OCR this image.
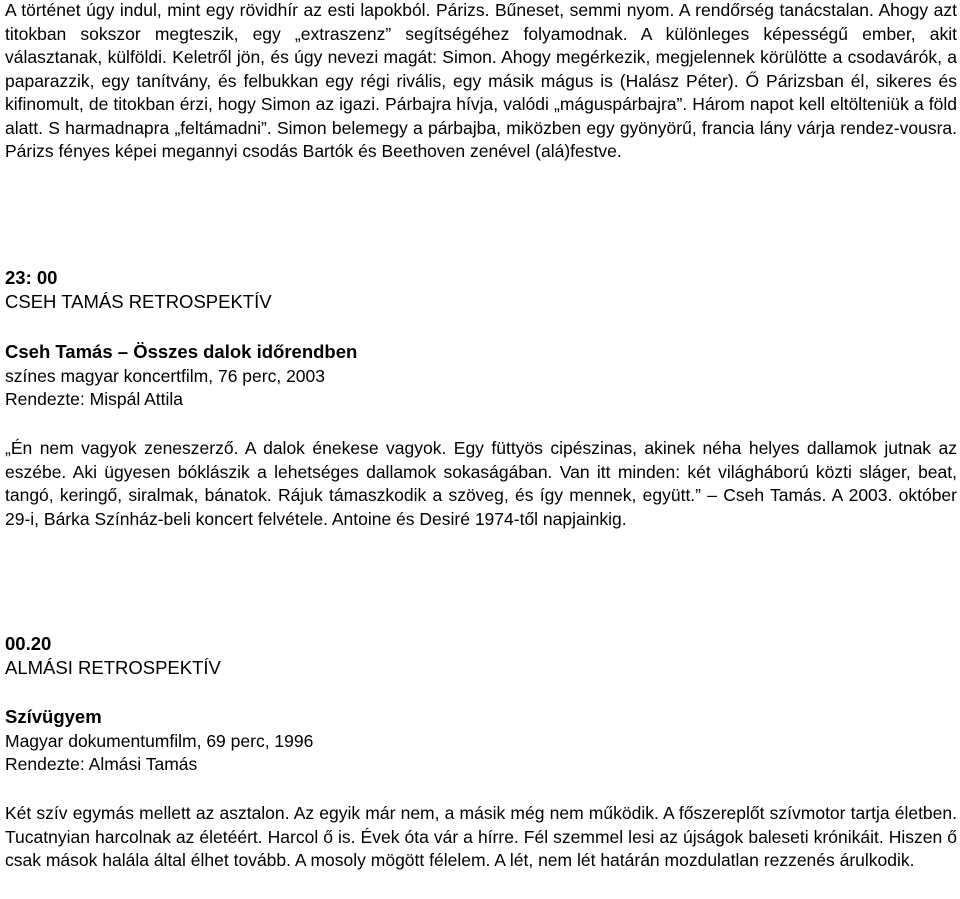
A történet úgy indul, mint egy rövidhír az esti lapokból. Párizs. Bűneset, semmi nyom. A rendőrség tanácstalan. Ahogy azt titokban sokszor megteszik, egy „extraszenz” segítségéhez folyamodnak. A különleges képességű ember, akit választanak, külföldi. Keletről jön, és úgy nevezi magát: Simon. Ahogy megérkezik, megjelennek körülötte a csodavárók, a paparazzik, egy tanítvány, és felbukkan egy régi rivális, egy másik mágus is (Halász Péter). Ő Párizsban él, sikeres és kifinomult, de titokban érzi, hogy Simon az igazi. Párbajra hívja, valódi „máguspárbajra”. Három napot kell eltölteniük a föld alatt. S harmadnapra „feltámadni”. Simon belemegy a párbajba, miközben egy gyönyörű, francia lány várja rendez-vousra. Párizs fényes képei megannyi csodás Bartók és Beethoven zenével (alá)festve.

23: 00

CSEH TAMÁS RETROSPEKTÍV

Cseh Tamás – Összes dalok időrendben

színes magyar koncertfilm, 76 perc, 2003

Rendezte: Mispál Attila

„Én nem vagyok zeneszerző. A dalok énekese vagyok. Egy füttyös cipészinas, akinek néha helyes dallamok jutnak az eszébe. Aki ügyesen bóklászik a lehetséges dallamok sokaságában. Van itt minden: két világháború közti sláger, beat, tangó, keringő, siralmak, bánatok. Rájuk támaszkodik a szöveg, és így mennek, együtt.” – Cseh Tamás. A 2003. október 29-i, Bárka Színház-beli koncert felvétele. Antoine és Desiré 1974-től napjainkig.

00.20

ALMÁSI RETROSPEKTÍV

Szívügyem

Magyar dokumentumfilm, 69 perc, 1996

Rendezte: Almási Tamás

Két szív egymás mellett az asztalon. Az egyik már nem, a másik még nem működik. A főszereplőt szívmotor tartja életben. Tucatnyian harcolnak az életéért. Harcol ő is. Évek óta vár a hírre. Fél szemmel lesi az újságok baleseti krónikáit. Hiszen ő csak mások halála által élhet tovább. A mosoly mögött félelem. A lét, nem lét határán mozdulatlan rezzenés árulkodik.
